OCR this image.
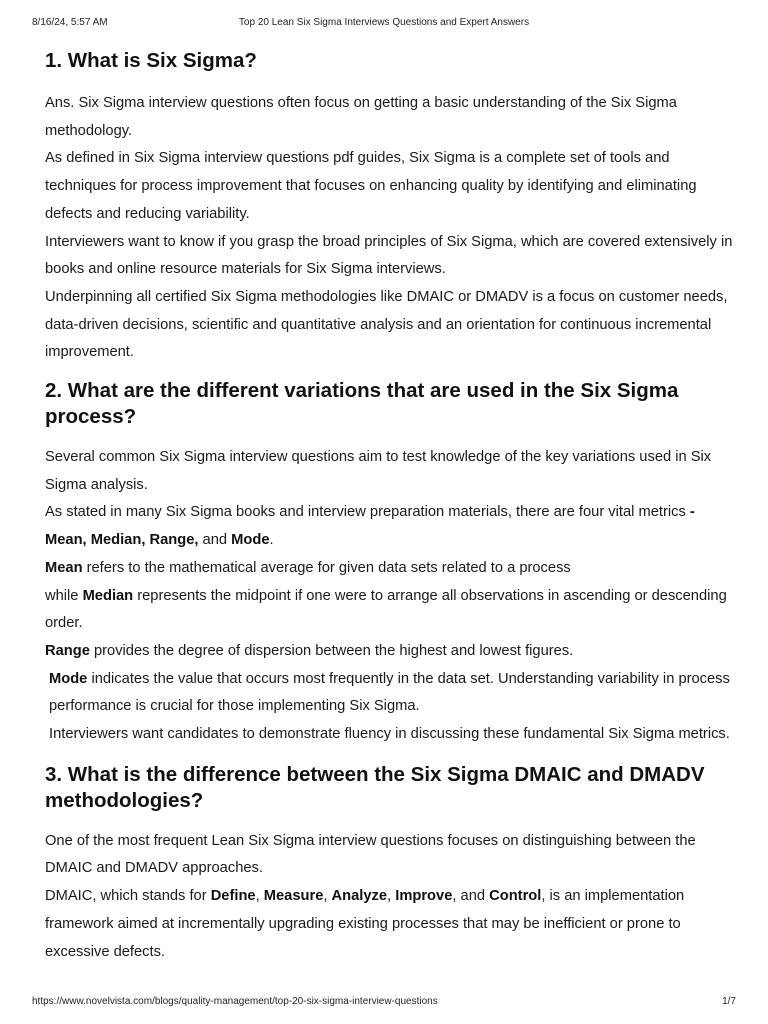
8/16/24, 5:57 AM	Top 20 Lean Six Sigma Interviews Questions and Expert Answers
1. What is Six Sigma?

Ans. Six Sigma interview questions often focus on getting a basic understanding of the Six Sigma methodology.

As defined in Six Sigma interview questions pdf guides, Six Sigma is a complete set of tools and techniques for process improvement that focuses on enhancing quality by identifying and eliminating defects and reducing variability.

Interviewers want to know if you grasp the broad principles of Six Sigma, which are covered extensively in books and online resource materials for Six Sigma interviews.

Underpinning all certified Six Sigma methodologies like DMAIC or DMADV is a focus on customer needs, data-driven decisions, scientific and quantitative analysis and an orientation for continuous incremental improvement.

2. What are the different variations that are used in the Six Sigma process?

Several common Six Sigma interview questions aim to test knowledge of the key variations used in Six Sigma analysis.

As stated in many Six Sigma books and interview preparation materials, there are four vital metrics - Mean, Median, Range, and Mode.

Mean refers to the mathematical average for given data sets related to a process

while Median represents the midpoint if one were to arrange all observations in ascending or descending order.

Range provides the degree of dispersion between the highest and lowest figures.

Mode indicates the value that occurs most frequently in the data set. Understanding variability in process performance is crucial for those implementing Six Sigma.

Interviewers want candidates to demonstrate fluency in discussing these fundamental Six Sigma metrics.

3. What is the difference between the Six Sigma DMAIC and DMADV methodologies?

One of the most frequent Lean Six Sigma interview questions focuses on distinguishing between the DMAIC and DMADV approaches.

DMAIC, which stands for Define, Measure, Analyze, Improve, and Control, is an implementation framework aimed at incrementally upgrading existing processes that may be inefficient or prone to excessive defects.

https://www.novelvista.com/blogs/quality-management/top-20-six-sigma-interview-questions	1/7
